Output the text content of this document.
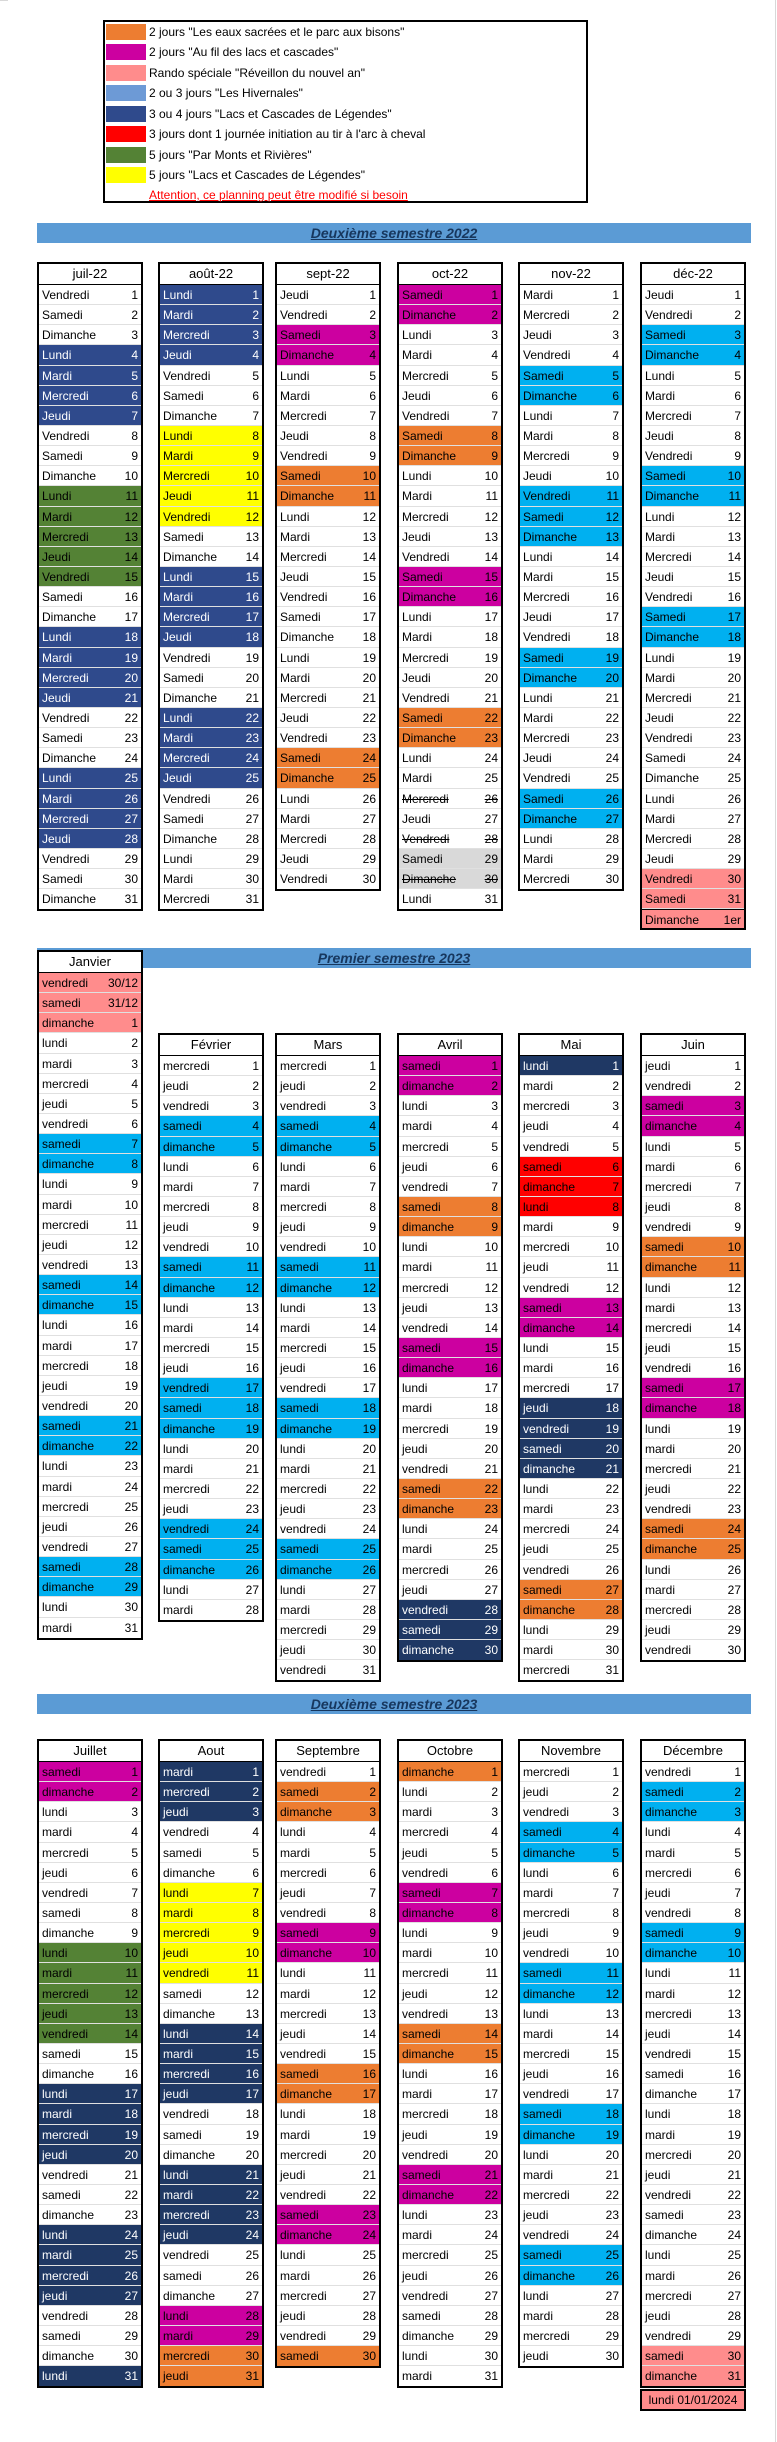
2 jours "Les eaux sacrées et le parc aux bisons"
2 jours "Au fil des lacs et cascades"
Rando spéciale "Réveillon du nouvel an"
2 ou 3 jours "Les Hivernales"
3 ou 4 jours "Lacs et Cascades de Légendes"
3 jours dont 1 journée initiation au tir à l'arc à cheval
5 jours "Par Monts et Rivières"
5 jours "Lacs et Cascades de Légendes"
Attention, ce planning peut être modifié si besoin
Deuxième semestre 2022
Premier semestre 2023
Deuxième semestre 2023
juil-22
Vendredi	1
Samedi	2
Dimanche	3
Lundi	4
Mardi	5
Mercredi	6
Jeudi	7
Vendredi	8
Samedi	9
Dimanche	10
Lundi	11
Mardi	12
Mercredi	13
Jeudi	14
Vendredi	15
Samedi	16
Dimanche	17
Lundi	18
Mardi	19
Mercredi	20
Jeudi	21
Vendredi	22
Samedi	23
Dimanche	24
Lundi	25
Mardi	26
Mercredi	27
Jeudi	28
Vendredi	29
Samedi	30
Dimanche	31
août-22
Lundi	1
Mardi	2
Mercredi	3
Jeudi	4
Vendredi	5
Samedi	6
Dimanche	7
Lundi	8
Mardi	9
Mercredi	10
Jeudi	11
Vendredi	12
Samedi	13
Dimanche	14
Lundi	15
Mardi	16
Mercredi	17
Jeudi	18
Vendredi	19
Samedi	20
Dimanche	21
Lundi	22
Mardi	23
Mercredi	24
Jeudi	25
Vendredi	26
Samedi	27
Dimanche	28
Lundi	29
Mardi	30
Mercredi	31
sept-22
Jeudi	1
Vendredi	2
Samedi	3
Dimanche	4
Lundi	5
Mardi	6
Mercredi	7
Jeudi	8
Vendredi	9
Samedi	10
Dimanche	11
Lundi	12
Mardi	13
Mercredi	14
Jeudi	15
Vendredi	16
Samedi	17
Dimanche	18
Lundi	19
Mardi	20
Mercredi	21
Jeudi	22
Vendredi	23
Samedi	24
Dimanche	25
Lundi	26
Mardi	27
Mercredi	28
Jeudi	29
Vendredi	30
oct-22
Samedi	1
Dimanche	2
Lundi	3
Mardi	4
Mercredi	5
Jeudi	6
Vendredi	7
Samedi	8
Dimanche	9
Lundi	10
Mardi	11
Mercredi	12
Jeudi	13
Vendredi	14
Samedi	15
Dimanche	16
Lundi	17
Mardi	18
Mercredi	19
Jeudi	20
Vendredi	21
Samedi	22
Dimanche	23
Lundi	24
Mardi	25
Mercredi	26
Jeudi	27
Vendredi	28
Samedi	29
Dimanche	30
Lundi	31
nov-22
Mardi	1
Mercredi	2
Jeudi	3
Vendredi	4
Samedi	5
Dimanche	6
Lundi	7
Mardi	8
Mercredi	9
Jeudi	10
Vendredi	11
Samedi	12
Dimanche	13
Lundi	14
Mardi	15
Mercredi	16
Jeudi	17
Vendredi	18
Samedi	19
Dimanche	20
Lundi	21
Mardi	22
Mercredi	23
Jeudi	24
Vendredi	25
Samedi	26
Dimanche	27
Lundi	28
Mardi	29
Mercredi	30
déc-22
Jeudi	1
Vendredi	2
Samedi	3
Dimanche	4
Lundi	5
Mardi	6
Mercredi	7
Jeudi	8
Vendredi	9
Samedi	10
Dimanche	11
Lundi	12
Mardi	13
Mercredi	14
Jeudi	15
Vendredi	16
Samedi	17
Dimanche	18
Lundi	19
Mardi	20
Mercredi	21
Jeudi	22
Vendredi	23
Samedi	24
Dimanche	25
Lundi	26
Mardi	27
Mercredi	28
Jeudi	29
Vendredi	30
Samedi	31
Dimanche	1er
Janvier
vendredi	30/12
samedi	31/12
dimanche	1
lundi	2
mardi	3
mercredi	4
jeudi	5
vendredi	6
samedi	7
dimanche	8
lundi	9
mardi	10
mercredi	11
jeudi	12
vendredi	13
samedi	14
dimanche	15
lundi	16
mardi	17
mercredi	18
jeudi	19
vendredi	20
samedi	21
dimanche	22
lundi	23
mardi	24
mercredi	25
jeudi	26
vendredi	27
samedi	28
dimanche	29
lundi	30
mardi	31
Février
mercredi	1
jeudi	2
vendredi	3
samedi	4
dimanche	5
lundi	6
mardi	7
mercredi	8
jeudi	9
vendredi	10
samedi	11
dimanche	12
lundi	13
mardi	14
mercredi	15
jeudi	16
vendredi	17
samedi	18
dimanche	19
lundi	20
mardi	21
mercredi	22
jeudi	23
vendredi	24
samedi	25
dimanche	26
lundi	27
mardi	28
Mars
mercredi	1
jeudi	2
vendredi	3
samedi	4
dimanche	5
lundi	6
mardi	7
mercredi	8
jeudi	9
vendredi	10
samedi	11
dimanche	12
lundi	13
mardi	14
mercredi	15
jeudi	16
vendredi	17
samedi	18
dimanche	19
lundi	20
mardi	21
mercredi	22
jeudi	23
vendredi	24
samedi	25
dimanche	26
lundi	27
mardi	28
mercredi	29
jeudi	30
vendredi	31
Avril
samedi	1
dimanche	2
lundi	3
mardi	4
mercredi	5
jeudi	6
vendredi	7
samedi	8
dimanche	9
lundi	10
mardi	11
mercredi	12
jeudi	13
vendredi	14
samedi	15
dimanche	16
lundi	17
mardi	18
mercredi	19
jeudi	20
vendredi	21
samedi	22
dimanche	23
lundi	24
mardi	25
mercredi	26
jeudi	27
vendredi	28
samedi	29
dimanche	30
Mai
lundi	1
mardi	2
mercredi	3
jeudi	4
vendredi	5
samedi	6
dimanche	7
lundi	8
mardi	9
mercredi	10
jeudi	11
vendredi	12
samedi	13
dimanche	14
lundi	15
mardi	16
mercredi	17
jeudi	18
vendredi	19
samedi	20
dimanche	21
lundi	22
mardi	23
mercredi	24
jeudi	25
vendredi	26
samedi	27
dimanche	28
lundi	29
mardi	30
mercredi	31
Juin
jeudi	1
vendredi	2
samedi	3
dimanche	4
lundi	5
mardi	6
mercredi	7
jeudi	8
vendredi	9
samedi	10
dimanche	11
lundi	12
mardi	13
mercredi	14
jeudi	15
vendredi	16
samedi	17
dimanche	18
lundi	19
mardi	20
mercredi	21
jeudi	22
vendredi	23
samedi	24
dimanche	25
lundi	26
mardi	27
mercredi	28
jeudi	29
vendredi	30
Juillet
samedi	1
dimanche	2
lundi	3
mardi	4
mercredi	5
jeudi	6
vendredi	7
samedi	8
dimanche	9
lundi	10
mardi	11
mercredi	12
jeudi	13
vendredi	14
samedi	15
dimanche	16
lundi	17
mardi	18
mercredi	19
jeudi	20
vendredi	21
samedi	22
dimanche	23
lundi	24
mardi	25
mercredi	26
jeudi	27
vendredi	28
samedi	29
dimanche	30
lundi	31
Aout
mardi	1
mercredi	2
jeudi	3
vendredi	4
samedi	5
dimanche	6
lundi	7
mardi	8
mercredi	9
jeudi	10
vendredi	11
samedi	12
dimanche	13
lundi	14
mardi	15
mercredi	16
jeudi	17
vendredi	18
samedi	19
dimanche	20
lundi	21
mardi	22
mercredi	23
jeudi	24
vendredi	25
samedi	26
dimanche	27
lundi	28
mardi	29
mercredi	30
jeudi	31
Septembre
vendredi	1
samedi	2
dimanche	3
lundi	4
mardi	5
mercredi	6
jeudi	7
vendredi	8
samedi	9
dimanche	10
lundi	11
mardi	12
mercredi	13
jeudi	14
vendredi	15
samedi	16
dimanche	17
lundi	18
mardi	19
mercredi	20
jeudi	21
vendredi	22
samedi	23
dimanche	24
lundi	25
mardi	26
mercredi	27
jeudi	28
vendredi	29
samedi	30
Octobre
dimanche	1
lundi	2
mardi	3
mercredi	4
jeudi	5
vendredi	6
samedi	7
dimanche	8
lundi	9
mardi	10
mercredi	11
jeudi	12
vendredi	13
samedi	14
dimanche	15
lundi	16
mardi	17
mercredi	18
jeudi	19
vendredi	20
samedi	21
dimanche	22
lundi	23
mardi	24
mercredi	25
jeudi	26
vendredi	27
samedi	28
dimanche	29
lundi	30
mardi	31
Novembre
mercredi	1
jeudi	2
vendredi	3
samedi	4
dimanche	5
lundi	6
mardi	7
mercredi	8
jeudi	9
vendredi	10
samedi	11
dimanche	12
lundi	13
mardi	14
mercredi	15
jeudi	16
vendredi	17
samedi	18
dimanche	19
lundi	20
mardi	21
mercredi	22
jeudi	23
vendredi	24
samedi	25
dimanche	26
lundi	27
mardi	28
mercredi	29
jeudi	30
Décembre
vendredi	1
samedi	2
dimanche	3
lundi	4
mardi	5
mercredi	6
jeudi	7
vendredi	8
samedi	9
dimanche	10
lundi	11
mardi	12
mercredi	13
jeudi	14
vendredi	15
samedi	16
dimanche	17
lundi	18
mardi	19
mercredi	20
jeudi	21
vendredi	22
samedi	23
dimanche	24
lundi	25
mardi	26
mercredi	27
jeudi	28
vendredi	29
samedi	30
dimanche	31
lundi 01/01/2024
